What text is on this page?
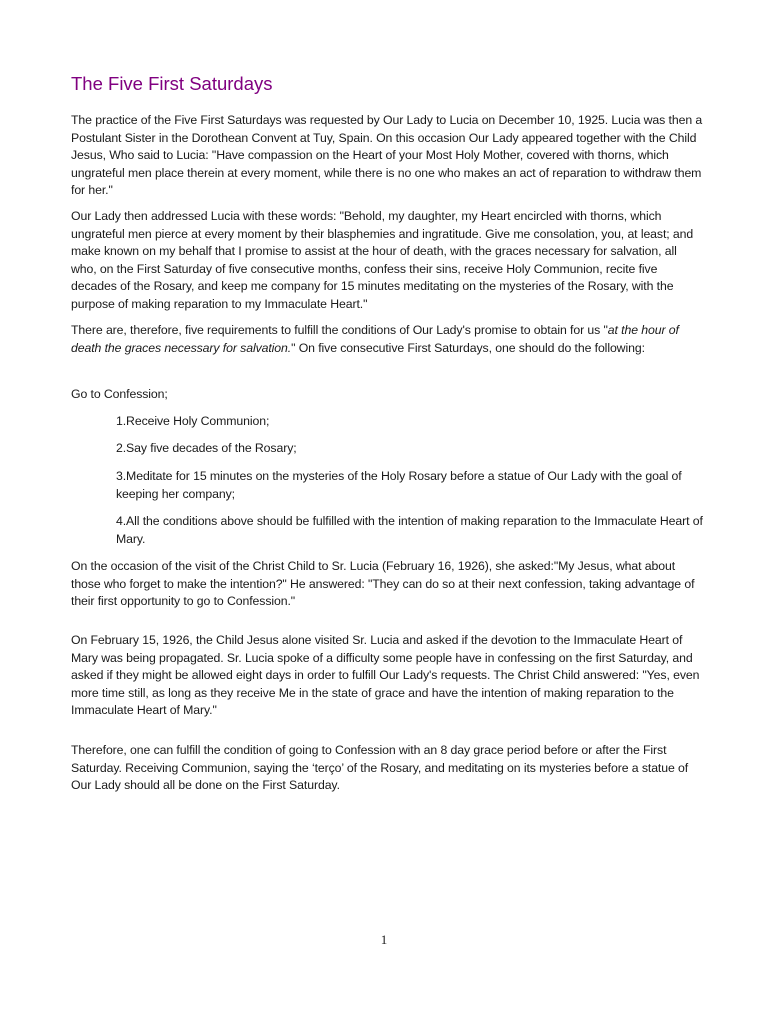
The Five First Saturdays

The practice of the Five First Saturdays was requested by Our Lady to Lucia on December 10, 1925. Lucia was then a Postulant Sister in the Dorothean Convent at Tuy, Spain. On this occasion Our Lady appeared together with the Child Jesus, Who said to Lucia: "Have compassion on the Heart of your Most Holy Mother, covered with thorns, which ungrateful men place therein at every moment, while there is no one who makes an act of reparation to withdraw them for her."

Our Lady then addressed Lucia with these words: "Behold, my daughter, my Heart encircled with thorns, which ungrateful men pierce at every moment by their blasphemies and ingratitude. Give me consolation, you, at least; and make known on my behalf that I promise to assist at the hour of death, with the graces necessary for salvation, all who, on the First Saturday of five consecutive months, confess their sins, receive Holy Communion, recite five decades of the Rosary, and keep me company for 15 minutes meditating on the mysteries of the Rosary, with the purpose of making reparation to my Immaculate Heart."

There are, therefore, five requirements to fulfill the conditions of Our Lady's promise to obtain for us "at the hour of death the graces necessary for salvation." On five consecutive First Saturdays, one should do the following:

Go to Confession;

1.Receive Holy Communion;

2.Say five decades of the Rosary;

3.Meditate for 15 minutes on the mysteries of the Holy Rosary before a statue of Our Lady with the goal of keeping her company;

4.All the conditions above should be fulfilled with the intention of making reparation to the Immaculate Heart of Mary.

On the occasion of the visit of the Christ Child to Sr. Lucia (February 16, 1926), she asked:"My Jesus, what about those who forget to make the intention?" He answered: "They can do so at their next confession, taking advantage of their first opportunity to go to Confession."

On February 15, 1926, the Child Jesus alone visited Sr. Lucia and asked if the devotion to the Immaculate Heart of Mary was being propagated. Sr. Lucia spoke of a difficulty some people have in confessing on the first Saturday, and asked if they might be allowed eight days in order to fulfill Our Lady's requests. The Christ Child answered: "Yes, even more time still, as long as they receive Me in the state of grace and have the intention of making reparation to the Immaculate Heart of Mary."

Therefore, one can fulfill the condition of going to Confession with an 8 day grace period before or after the First Saturday. Receiving Communion, saying the ‘terço’ of the Rosary, and meditating on its mysteries before a statue of Our Lady should all be done on the First Saturday.

1
